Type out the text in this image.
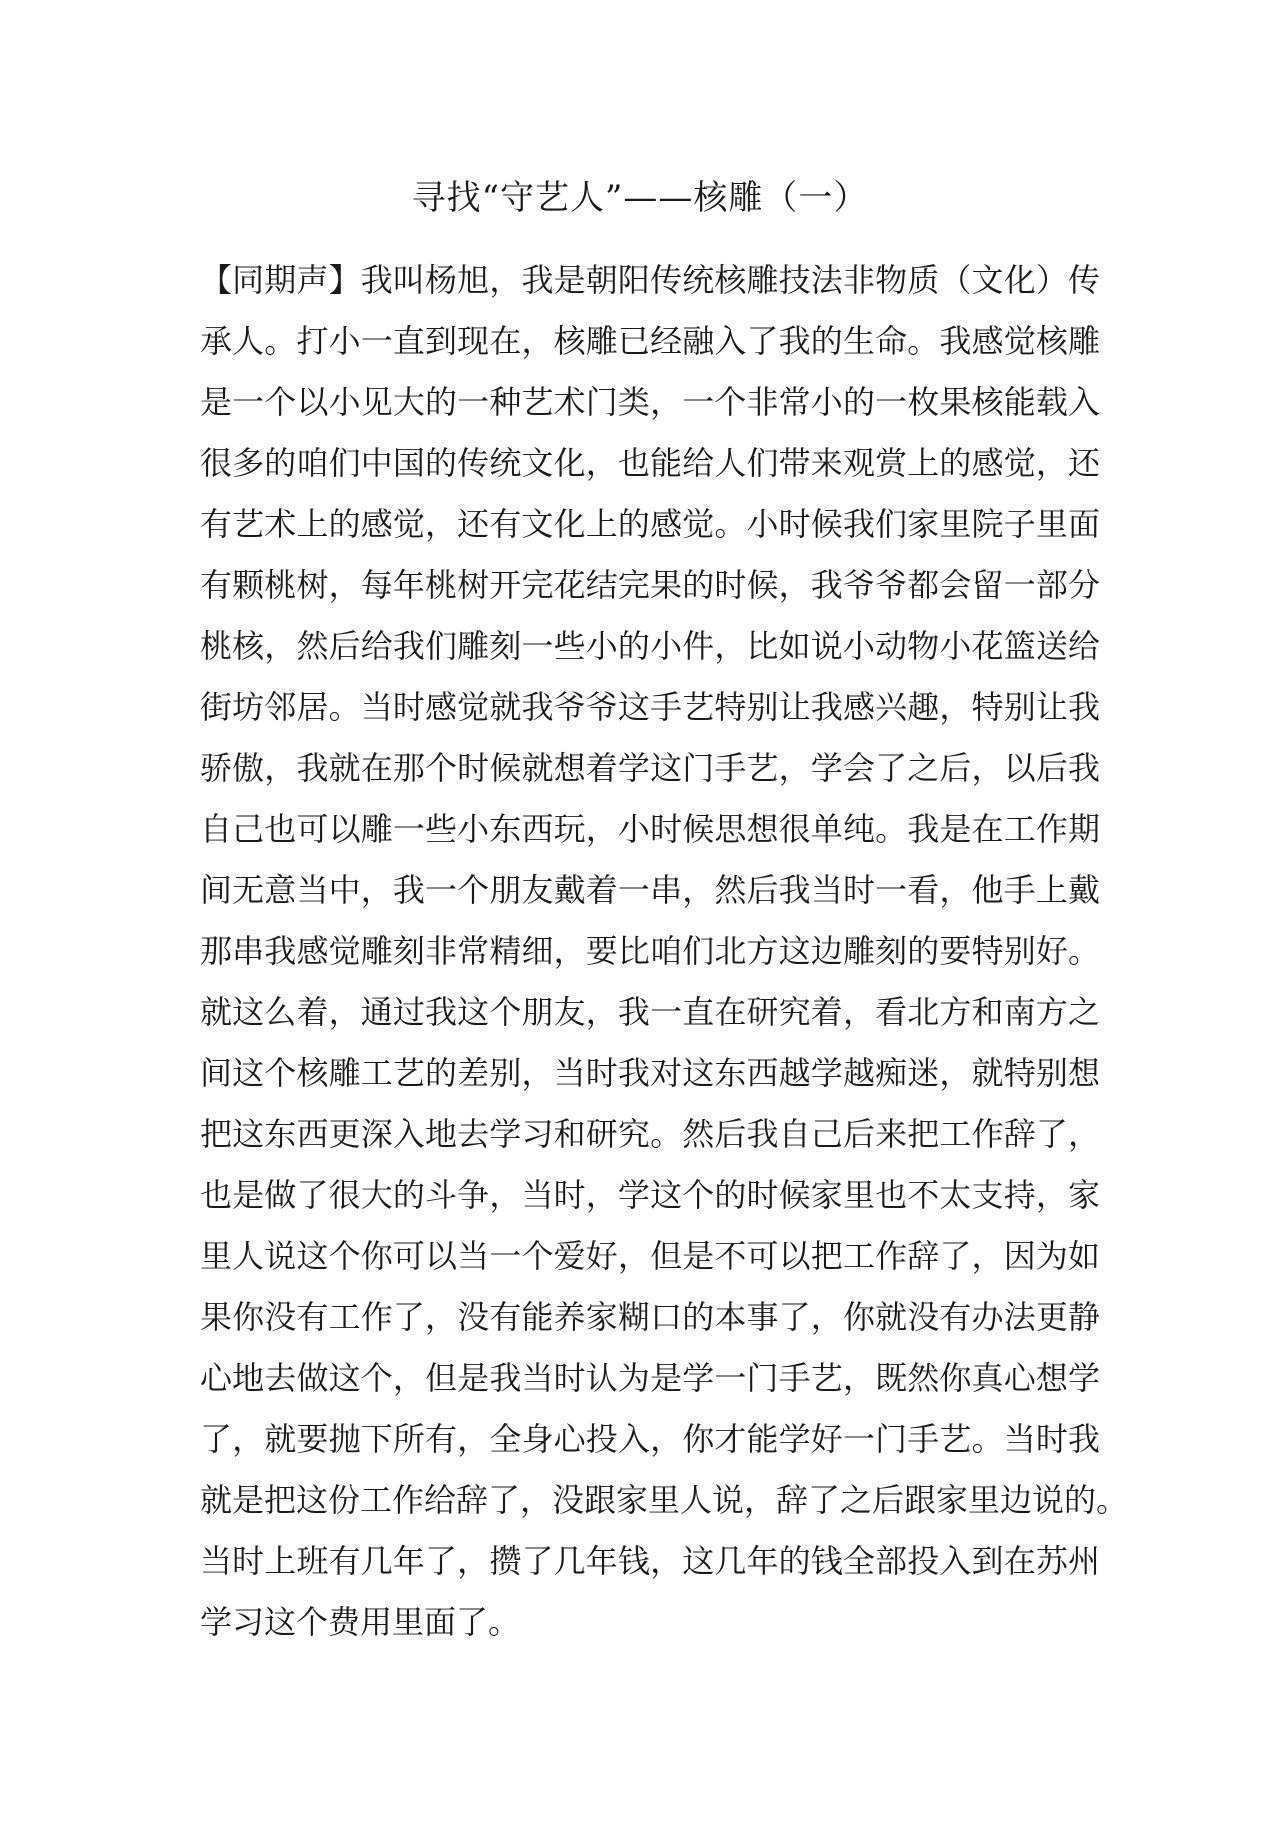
寻找“守艺人”——核雕（一）
【同期声】我叫杨旭，我是朝阳传统核雕技法非物质（文化）传
承人。打小一直到现在，核雕已经融入了我的生命。我感觉核雕
是一个以小见大的一种艺术门类，一个非常小的一枚果核能载入
很多的咱们中国的传统文化，也能给人们带来观赏上的感觉，还
有艺术上的感觉，还有文化上的感觉。小时候我们家里院子里面
有颗桃树，每年桃树开完花结完果的时候，我爷爷都会留一部分
桃核，然后给我们雕刻一些小的小件，比如说小动物小花篮送给
街坊邻居。当时感觉就我爷爷这手艺特别让我感兴趣，特别让我
骄傲，我就在那个时候就想着学这门手艺，学会了之后，以后我
自己也可以雕一些小东西玩，小时候思想很单纯。我是在工作期
间无意当中，我一个朋友戴着一串，然后我当时一看，他手上戴
那串我感觉雕刻非常精细，要比咱们北方这边雕刻的要特别好。
就这么着，通过我这个朋友，我一直在研究着，看北方和南方之
间这个核雕工艺的差别，当时我对这东西越学越痴迷，就特别想
把这东西更深入地去学习和研究。然后我自己后来把工作辞了，
也是做了很大的斗争，当时，学这个的时候家里也不太支持，家
里人说这个你可以当一个爱好，但是不可以把工作辞了，因为如
果你没有工作了，没有能养家糊口的本事了，你就没有办法更静
心地去做这个，但是我当时认为是学一门手艺，既然你真心想学
了，就要抛下所有，全身心投入，你才能学好一门手艺。当时我
就是把这份工作给辞了，没跟家里人说，辞了之后跟家里边说的。
当时上班有几年了，攒了几年钱，这几年的钱全部投入到在苏州
学习这个费用里面了。
